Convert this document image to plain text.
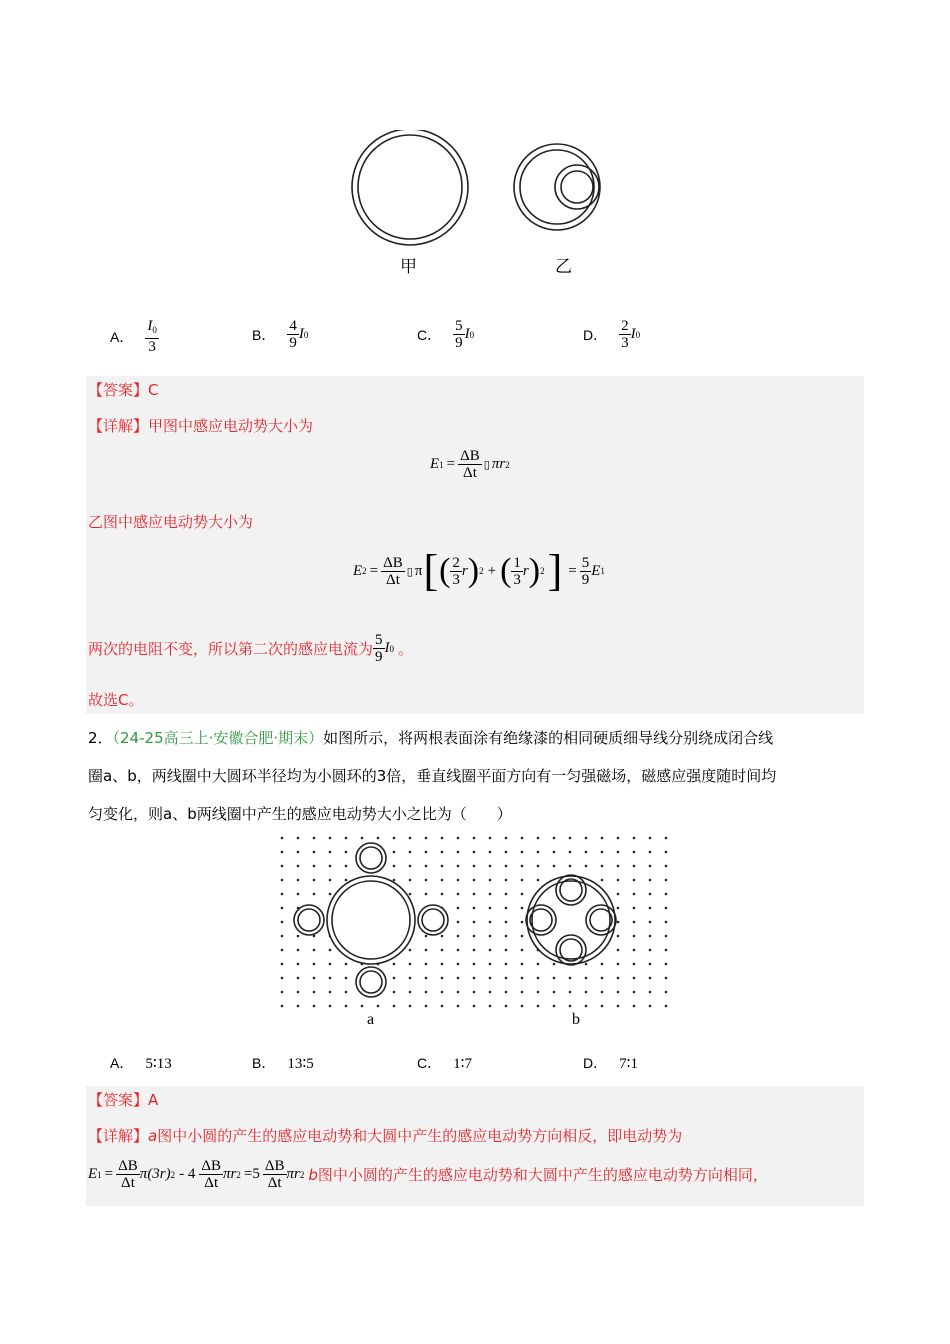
甲	乙
A． $\frac{I_0}{3}$	B． $\frac{4}{9}$ I 0	C． $\frac{5}{9}$ I 0	D． $\frac{2}{3}$ I 0
【答案】C
【详解】甲图中感应电动势大小为
E $1 = \frac{\Delta B}{\Delta t}$ ▯ πr 2
乙图中感应电动势大小为
E $2 = \frac{\Delta B}{\Delta t}$ ▯ π [ ( $\frac{2}{3}$ r ) 2 + ( $\frac{1}{3}$ r ) 2 ] = $\frac{5}{9}$ E 1
两次的电阻不变，所以第二次的感应电流为 $\frac{5}{9}$ I 0 。
故选C。
2．（24-25高三上·安徽合肥·期末）如图所示，将两根表面涂有绝缘漆的相同硬质细导线分别绕成闭合线
圈a、b，两线圈中大圆环半径均为小圆环的3倍，垂直线圈平面方向有一匀强磁场，磁感应强度随时间均
匀变化，则a、b两线圈中产生的感应电动势大小之比为（　　）
a	b
A． 5∶13	B． 13∶5	C． 1∶7	D． 7∶1
【答案】A
【详解】a图中小圆的产生的感应电动势和大圆中产生的感应电动势方向相反，即电动势为
E $1 = \frac{\Delta B}{\Delta t}$ π (3r) $2 - 4 \frac{\Delta B}{\Delta t}$ πr $2 =5 \frac{\Delta B}{\Delta t}$ πr 2 b 图中小圆的产生的感应电动势和大圆中产生的感应电动势方向相同，
